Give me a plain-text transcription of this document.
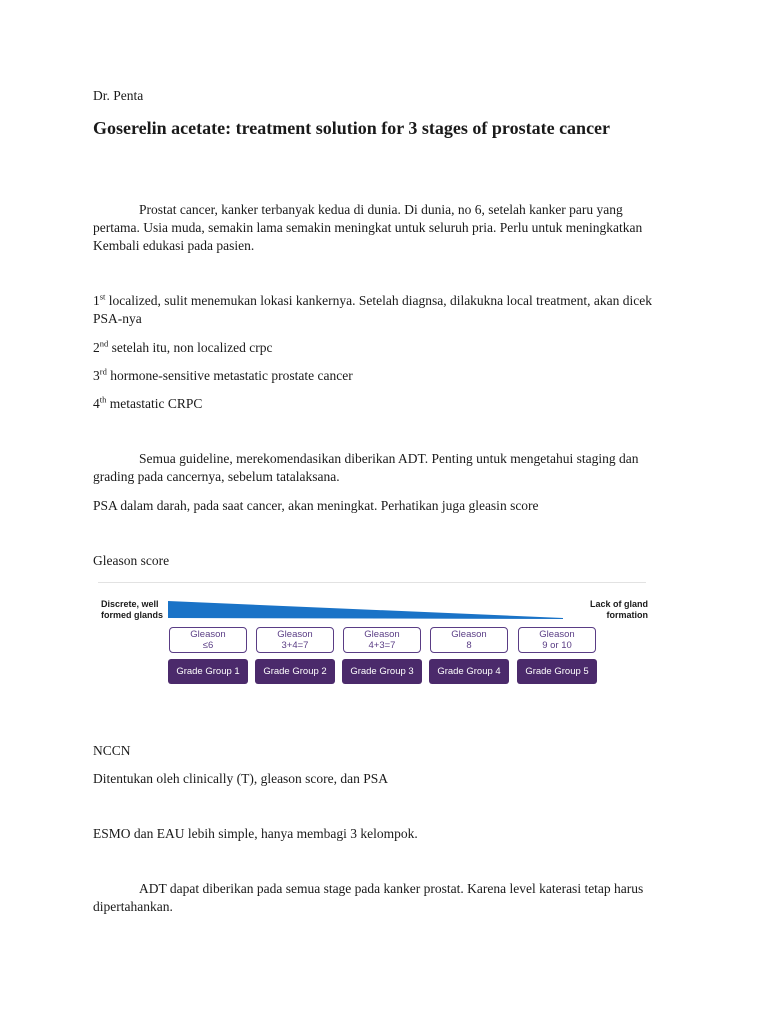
Dr. Penta
Goserelin acetate: treatment solution for 3 stages of prostate cancer

Prostat cancer, kanker terbanyak kedua di dunia. Di dunia, no 6, setelah kanker paru yang pertama. Usia muda, semakin lama semakin meningkat untuk seluruh pria. Perlu untuk meningkatkan Kembali edukasi pada pasien.

1st localized, sulit menemukan lokasi kankernya. Setelah diagnsa, dilakukna local treatment, akan dicek PSA-nya

2nd setelah itu, non localized crpc

3rd hormone-sensitive metastatic prostate cancer

4th metastatic CRPC

Semua guideline, merekomendasikan diberikan ADT. Penting untuk mengetahui staging dan grading pada cancernya, sebelum tatalaksana.

PSA dalam darah, pada saat cancer, akan meningkat. Perhatikan juga gleasin score

Gleason score

NCCN

Ditentukan oleh clinically (T), gleason score, dan PSA

ESMO dan EAU lebih simple, hanya membagi 3 kelompok.

ADT dapat diberikan pada semua stage pada kanker prostat. Karena level katerasi tetap harus dipertahankan.

Discrete, well
formed glands
Lack of gland
formation
Gleason
≤6
Gleason
3+4=7
Gleason
4+3=7
Gleason
8
Gleason
9 or 10
Grade Group 1	Grade Group 2	Grade Group 3	Grade Group 4	Grade Group 5
